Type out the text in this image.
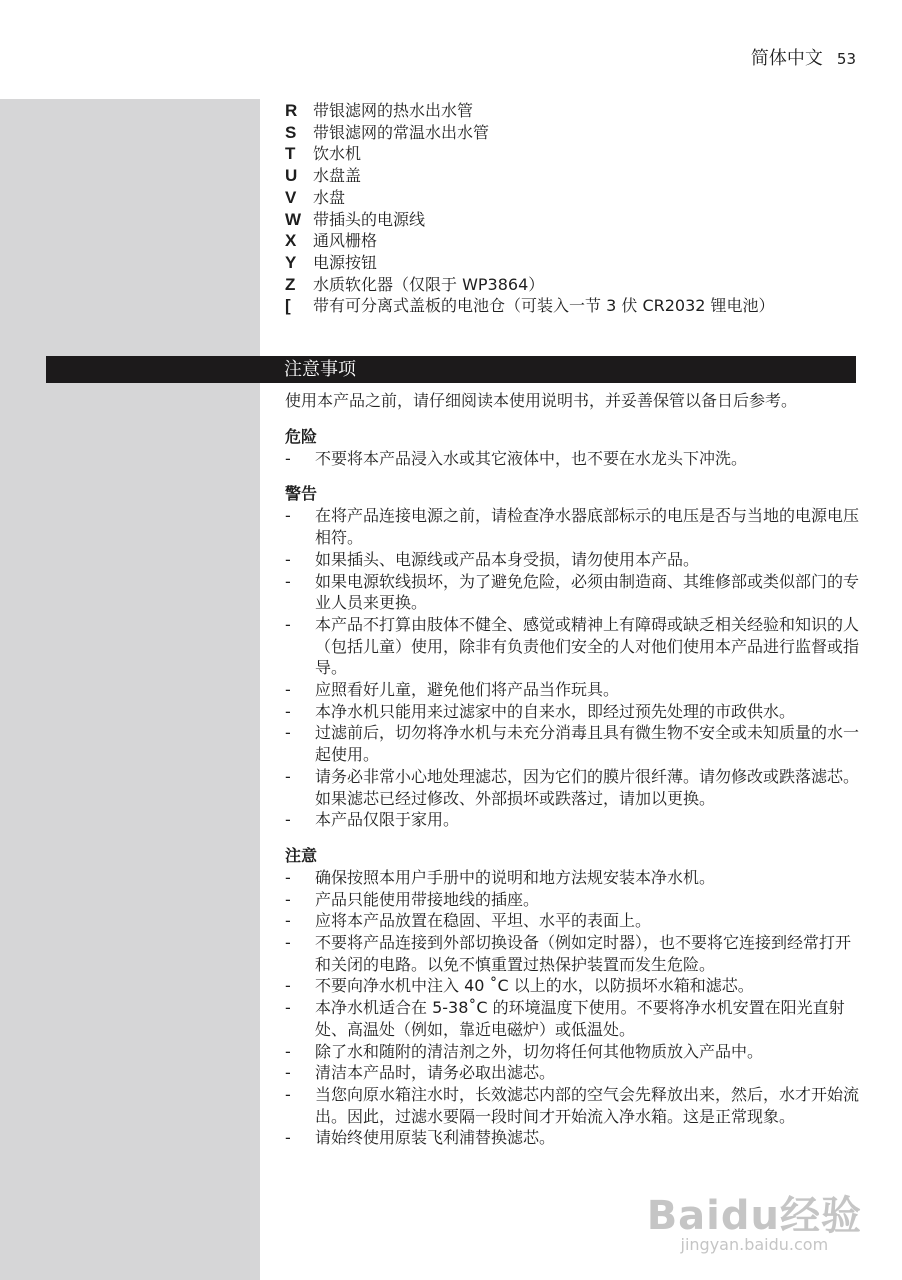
简体中文 53
R 带银滤网的热水出水管
S	带银滤网的常温水出水管
T	饮水机
U 水盘盖
V	水盘
W 带插头的电源线
X	通风栅格
Y	电源按钮
Z	水质软化器（仅限于 WP3864）
[	带有可分离式盖板的电池仓（可装入一节 3 伏 CR2032 锂电池）
注意事项

使用本产品之前，请仔细阅读本使用说明书，并妥善保管以备日后参考。

危险
- 不要将本产品浸入水或其它液体中，也不要在水龙头下冲洗。
警告
- 在将产品连接电源之前，请检查净水器底部标示的电压是否与当地的电源电压相符。
- 如果插头、电源线或产品本身受损，请勿使用本产品。
- 如果电源软线损坏，为了避免危险，必须由制造商、其维修部或类似部门的专业人员来更换。
- 本产品不打算由肢体不健全、感觉或精神上有障碍或缺乏相关经验和知识的人（包括儿童）使用，除非有负责他们安全的人对他们使用本产品进行监督或指导。
- 应照看好儿童，避免他们将产品当作玩具。
- 本净水机只能用来过滤家中的自来水，即经过预先处理的市政供水。
- 过滤前后，切勿将净水机与未充分消毒且具有微生物不安全或未知质量的水一起使用。
- 请务必非常小心地处理滤芯，因为它们的膜片很纤薄。请勿修改或跌落滤芯。如果滤芯已经过修改、外部损坏或跌落过，请加以更换。
- 本产品仅限于家用。
注意
- 确保按照本用户手册中的说明和地方法规安装本净水机。
- 产品只能使用带接地线的插座。
- 应将本产品放置在稳固、平坦、水平的表面上。
- 不要将产品连接到外部切换设备（例如定时器），也不要将它连接到经常打开和关闭的电路。以免不慎重置过热保护装置而发生危险。
- 不要向净水机中注入 40 ˚C 以上的水，以防损坏水箱和滤芯。
- 本净水机适合在 5-38˚C 的环境温度下使用。不要将净水机安置在阳光直射处、高温处（例如，靠近电磁炉）或低温处。
- 除了水和随附的清洁剂之外，切勿将任何其他物质放入产品中。
- 清洁本产品时，请务必取出滤芯。
- 当您向原水箱注水时，长效滤芯内部的空气会先释放出来，然后，水才开始流出。因此，过滤水要隔一段时间才开始流入净水箱。这是正常现象。
- 请始终使用原装飞利浦替换滤芯。
Baidu经验
jingyan.baidu.com
